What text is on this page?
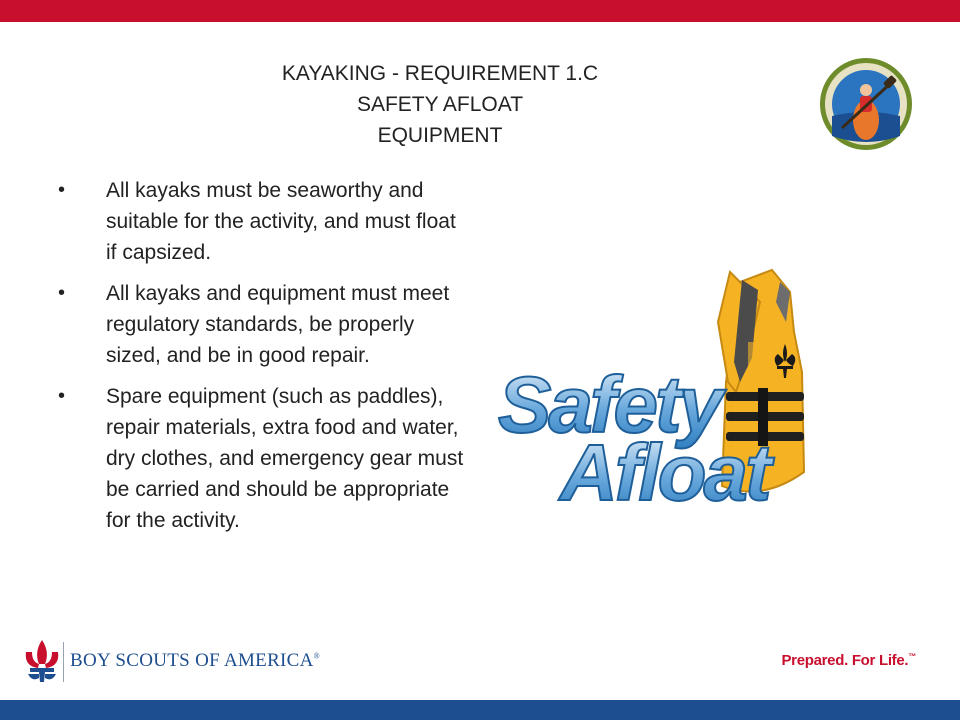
KAYAKING - REQUIREMENT 1.C
SAFETY AFLOAT
EQUIPMENT
• All kayaks must be seaworthy and suitable for the activity, and must float if capsized.
• All kayaks and equipment must meet regulatory standards, be properly sized, and be in good repair.
• Spare equipment (such as paddles), repair materials, extra food and water, dry clothes, and emergency gear must be carried and should be appropriate for the activity.
Safety
Afloat
BOY SCOUTS OF AMERICA®	Prepared. For Life.™
